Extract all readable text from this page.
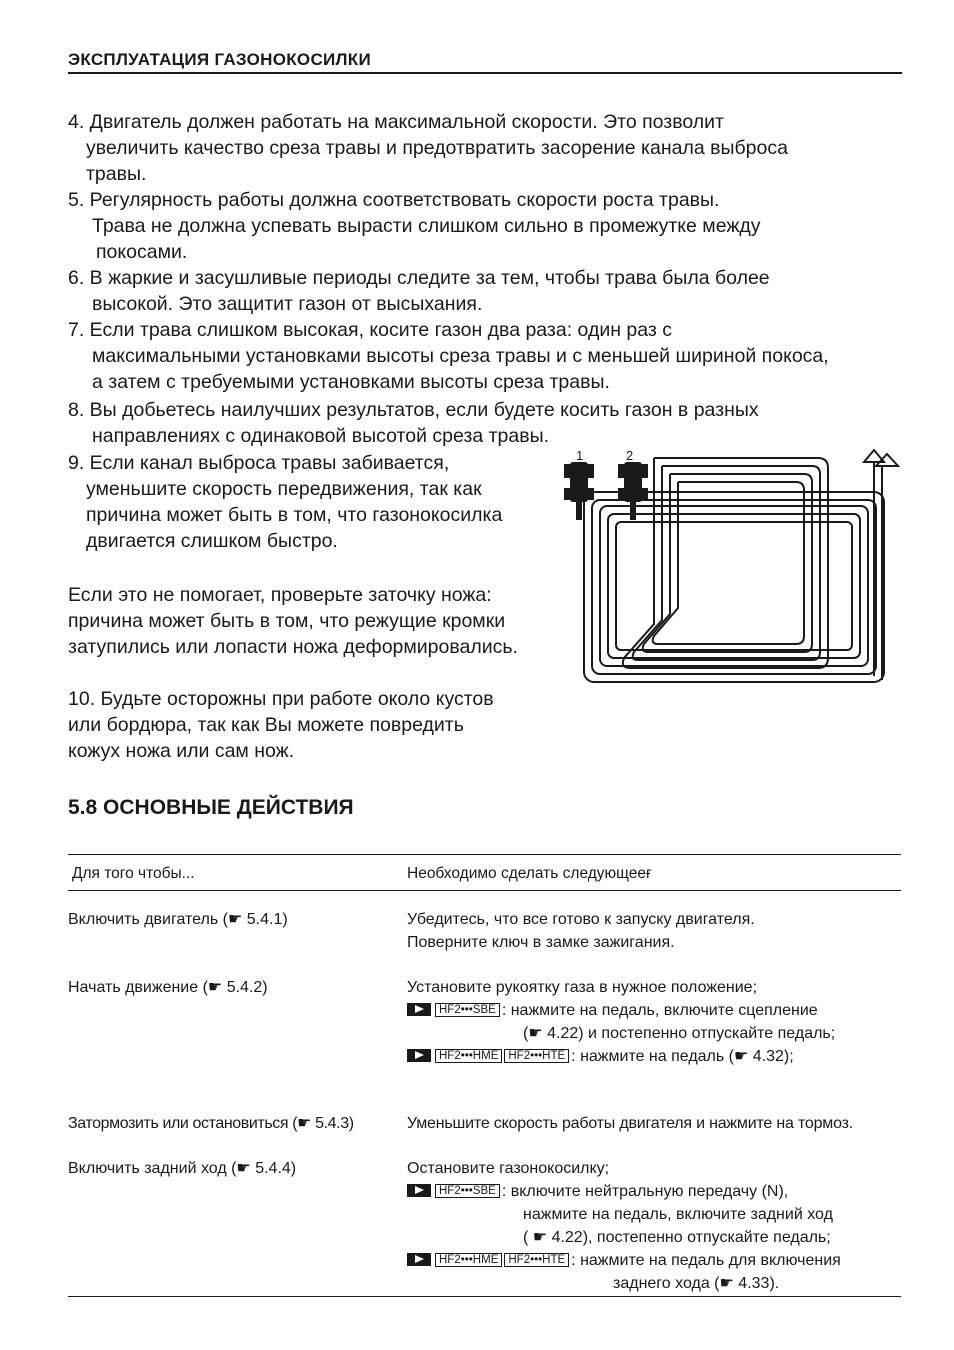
ЭКСПЛУАТАЦИЯ ГАЗОНОКОСИЛКИ
4. Двигатель должен работать на максимальной скорости. Это позволит
увеличить качество среза травы и предотвратить засорение канала выброса
травы.
5. Регулярность работы должна соответствовать скорости роста травы.
Трава не должна успевать вырасти слишком сильно в промежутке между
покосами.
6. В жаркие и засушливые периоды следите за тем, чтобы трава была более
высокой. Это защитит газон от высыхания.
7. Если трава слишком высокая, косите газон два раза: один раз с
максимальными установками высоты среза травы и с меньшей шириной покоса,
а затем с требуемыми установками высоты среза травы.
8. Вы добьетесь наилучших результатов, если будете косить газон в разных
направлениях с одинаковой высотой среза травы.
9. Если канал выброса травы забивается,
уменьшите скорость передвижения, так как
причина может быть в том, что газонокосилка
двигается слишком быстро.
Если это не помогает, проверьте заточку ножа:
причина может быть в том, что режущие кромки
затупились или лопасти ножа деформировались.
10. Будьте осторожны при работе около кустов
или бордюра, так как Вы можете повредить
кожух ножа или сам нож.
1	2
5.8 ОСНОВНЫЕ ДЕЙСТВИЯ
Для того чтобы...	Необходимо сделать следующееғ
Включить двигатель (☛ 5.4.1)	Убедитесь, что все готово к запуску двигателя.
Поверните ключ в замке зажигания.
Начать движение (☛ 5.4.2)	Установите рукоятку газа в нужное положение;
HF2•••SBE : нажмите на педаль, включите сцепление
(☛ 4.22) и постепенно отпускайте педаль;
HF2•••HME HF2•••HTE : нажмите на педаль (☛ 4.32);
Затормозить или остановиться (☛ 5.4.3)	Уменьшите скорость работы двигателя и нажмите на тормоз.
Включить задний ход (☛ 5.4.4)	Остановите газонокосилку;
HF2•••SBE : включите нейтральную передачу (N),
нажмите на педаль, включите задний ход
( ☛ 4.22), постепенно отпускайте педаль;
HF2•••HME HF2•••HTE : нажмите на педаль для включения
заднего хода (☛ 4.33).
